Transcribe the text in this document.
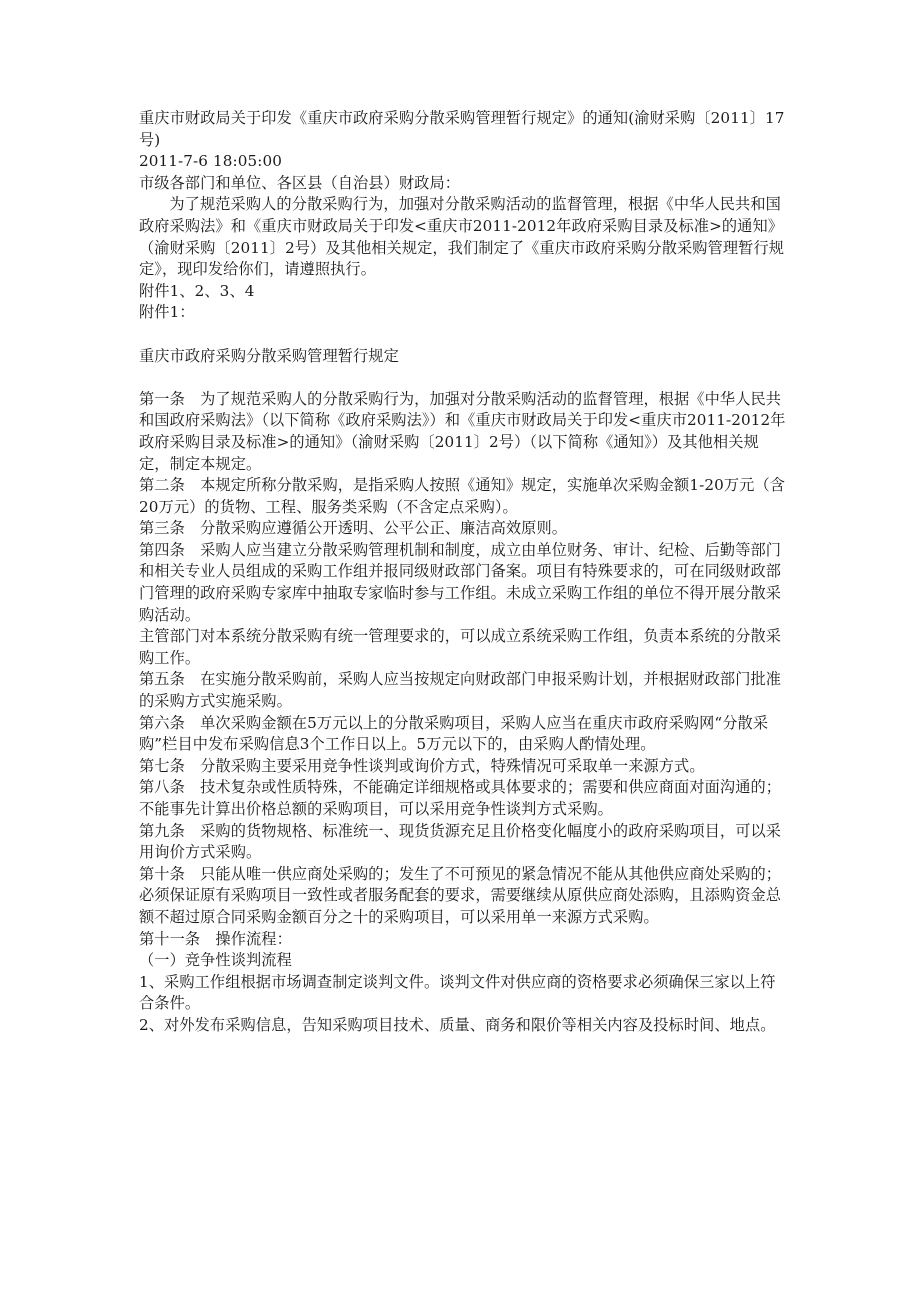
重庆市财政局关于印发《重庆市政府采购分散采购管理暂行规定》的通知(渝财采购〔2011〕17号)

2011-7-6 18:05:00

市级各部门和单位、各区县（自治县）财政局：

为了规范采购人的分散采购行为，加强对分散采购活动的监督管理，根据《中华人民共和国政府采购法》和《重庆市财政局关于印发<重庆市2011-2012年政府采购目录及标准>的通知》（渝财采购〔2011〕2号）及其他相关规定，我们制定了《重庆市政府采购分散采购管理暂行规定》，现印发给你们，请遵照执行。

附件1、2、3、4

附件1：

重庆市政府采购分散采购管理暂行规定

第一条　为了规范采购人的分散采购行为，加强对分散采购活动的监督管理，根据《中华人民共和国政府采购法》（以下简称《政府采购法》）和《重庆市财政局关于印发<重庆市2011-2012年政府采购目录及标准>的通知》（渝财采购〔2011〕2号）（以下简称《通知》）及其他相关规定，制定本规定。

第二条　本规定所称分散采购，是指采购人按照《通知》规定，实施单次采购金额1-20万元（含20万元）的货物、工程、服务类采购（不含定点采购）。

第三条　分散采购应遵循公开透明、公平公正、廉洁高效原则。

第四条　采购人应当建立分散采购管理机制和制度，成立由单位财务、审计、纪检、后勤等部门和相关专业人员组成的采购工作组并报同级财政部门备案。项目有特殊要求的，可在同级财政部门管理的政府采购专家库中抽取专家临时参与工作组。未成立采购工作组的单位不得开展分散采购活动。

主管部门对本系统分散采购有统一管理要求的，可以成立系统采购工作组，负责本系统的分散采购工作。

第五条　在实施分散采购前，采购人应当按规定向财政部门申报采购计划，并根据财政部门批准的采购方式实施采购。

第六条　单次采购金额在5万元以上的分散采购项目，采购人应当在重庆市政府采购网“分散采购”栏目中发布采购信息3个工作日以上。5万元以下的，由采购人酌情处理。

第七条　分散采购主要采用竞争性谈判或询价方式，特殊情况可采取单一来源方式。

第八条　技术复杂或性质特殊，不能确定详细规格或具体要求的；需要和供应商面对面沟通的；不能事先计算出价格总额的采购项目，可以采用竞争性谈判方式采购。

第九条　采购的货物规格、标准统一、现货货源充足且价格变化幅度小的政府采购项目，可以采用询价方式采购。

第十条　只能从唯一供应商处采购的；发生了不可预见的紧急情况不能从其他供应商处采购的；必须保证原有采购项目一致性或者服务配套的要求，需要继续从原供应商处添购，且添购资金总额不超过原合同采购金额百分之十的采购项目，可以采用单一来源方式采购。

第十一条　操作流程：

（一）竞争性谈判流程

1、采购工作组根据市场调查制定谈判文件。谈判文件对供应商的资格要求必须确保三家以上符合条件。

2、对外发布采购信息，告知采购项目技术、质量、商务和限价等相关内容及投标时间、地点。
